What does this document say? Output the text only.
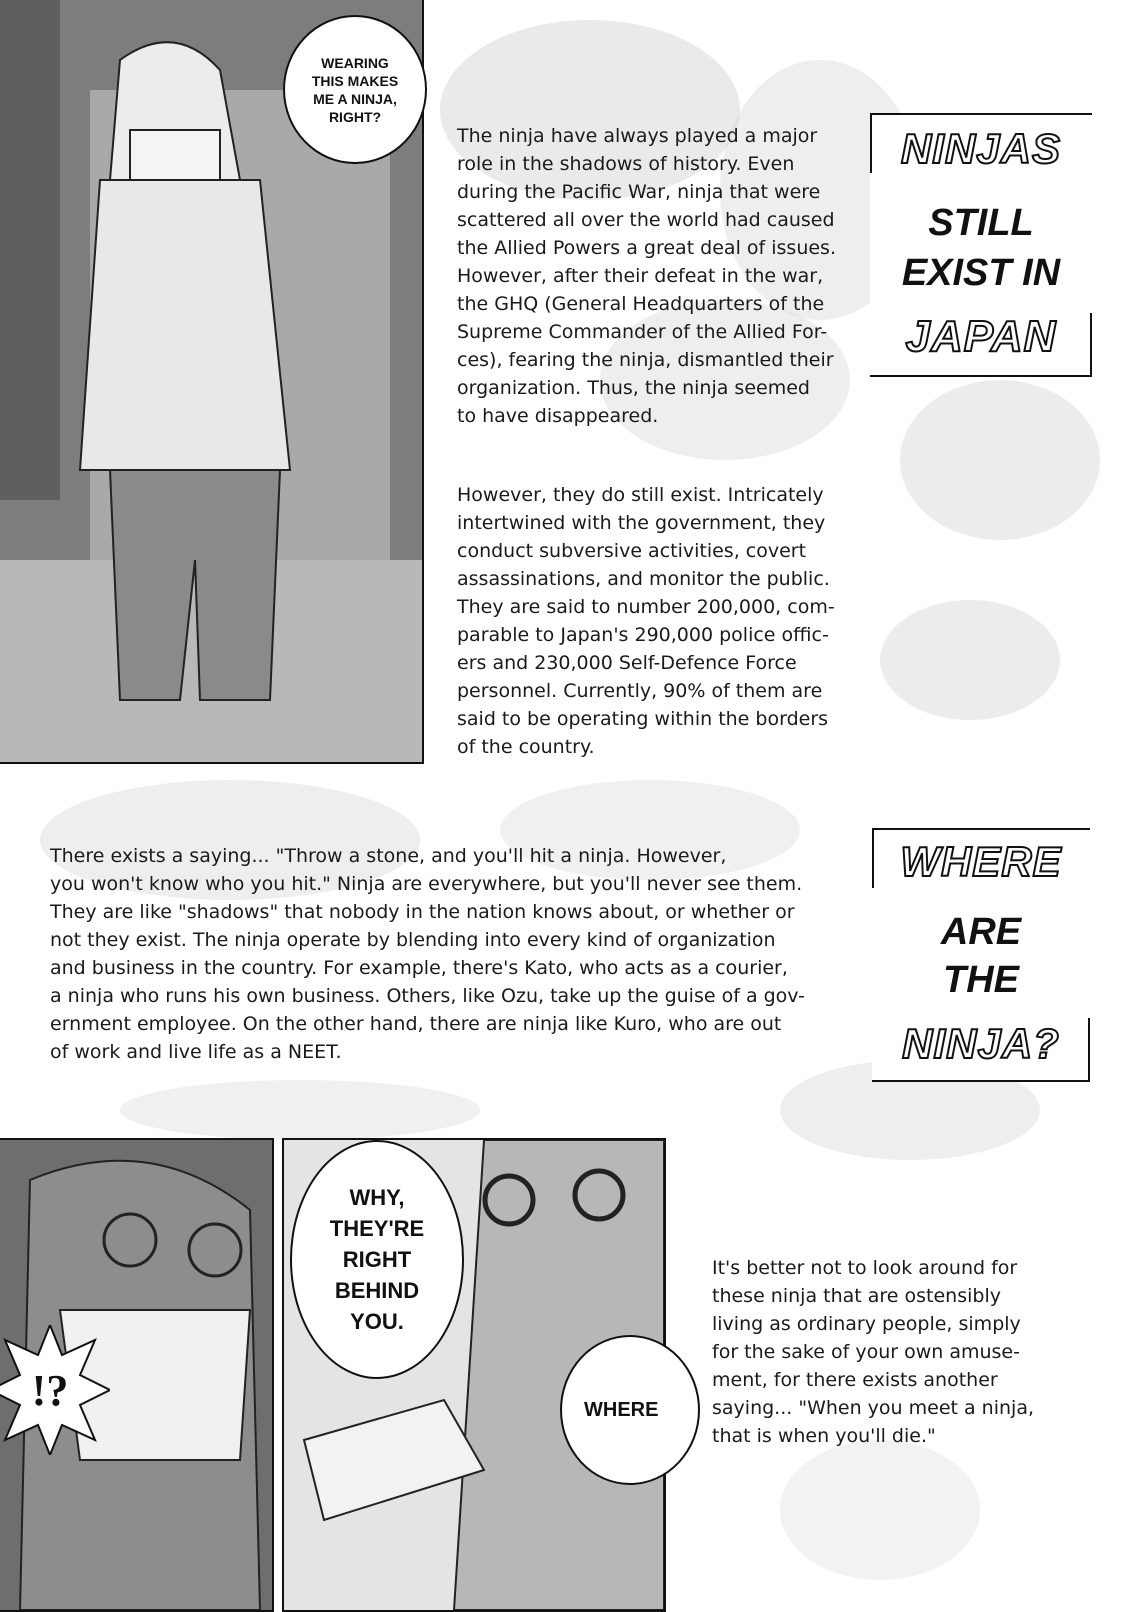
WEARING THIS MAKES ME A NINJA, RIGHT?
The ninja have always played a major
role in the shadows of history. Even
during the Pacific War, ninja that were
scattered all over the world had caused
the Allied Powers a great deal of issues.
However, after their defeat in the war,
the GHQ (General Headquarters of the
Supreme Commander of the Allied For-
ces), fearing the ninja, dismantled their
organization. Thus, the ninja seemed
to have disappeared.
However, they do still exist. Intricately
intertwined with the government, they
conduct subversive activities, covert
assassinations, and monitor the public.
They are said to number 200,000, com-
parable to Japan's 290,000 police offic-
ers and 230,000 Self-Defence Force
personnel. Currently, 90% of them are
said to be operating within the borders
of the country.
NINJAS
STILL
EXIST IN
JAPAN
There exists a saying... "Throw a stone, and you'll hit a ninja. However,
you won't know who you hit." Ninja are everywhere, but you'll never see them.
They are like "shadows" that nobody in the nation knows about, or whether or
not they exist. The ninja operate by blending into every kind of organization
and business in the country. For example, there's Kato, who acts as a courier,
a ninja who runs his own business. Others, like Ozu, take up the guise of a gov-
ernment employee. On the other hand, there are ninja like Kuro, who are out
of work and live life as a NEET.
WHERE
ARE
THE
NINJA?
!?
WHY, THEY'RE RIGHT BEHIND YOU.
WHERE
It's better not to look around for
these ninja that are ostensibly
living as ordinary people, simply
for the sake of your own amuse-
ment, for there exists another
saying... "When you meet a ninja,
that is when you'll die."
